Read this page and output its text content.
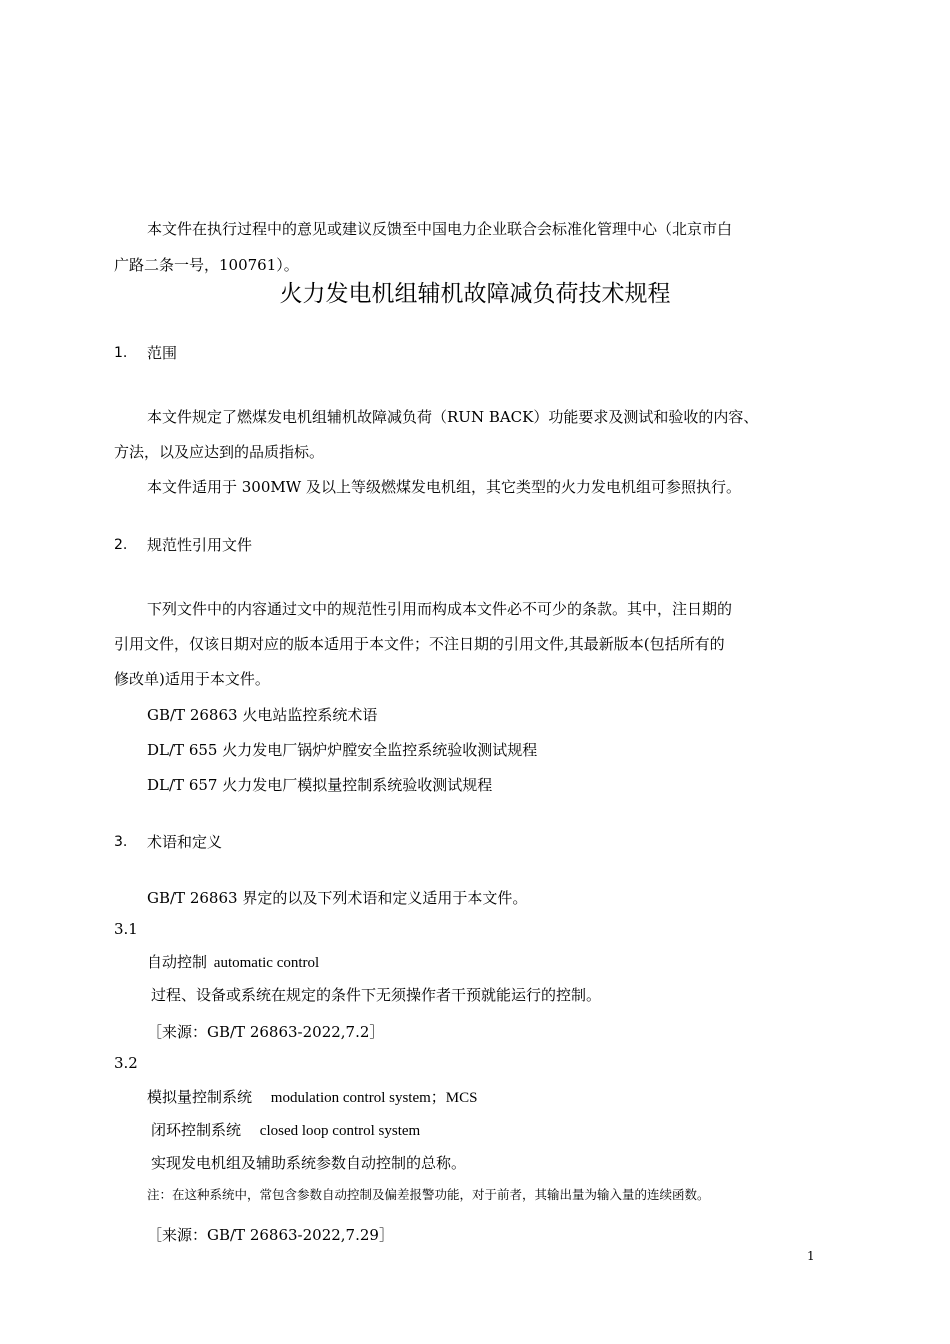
本文件在执行过程中的意见或建议反馈至中国电力企业联合会标准化管理中心（北京市白
广路二条一号，100761）。
火力发电机组辅机故障减负荷技术规程
1. 范围
本文件规定了燃煤发电机组辅机故障减负荷（RUN BACK）功能要求及测试和验收的内容、
方法，以及应达到的品质指标。
本文件适用于 300MW 及以上等级燃煤发电机组，其它类型的火力发电机组可参照执行。
2. 规范性引用文件
下列文件中的内容通过文中的规范性引用而构成本文件必不可少的条款。其中，注日期的
引用文件，仅该日期对应的版本适用于本文件；不注日期的引用文件,其最新版本(包括所有的
修改单)适用于本文件。
GB/T 26863 火电站监控系统术语
DL/T 655 火力发电厂锅炉炉膛安全监控系统验收测试规程
DL/T 657 火力发电厂模拟量控制系统验收测试规程
3. 术语和定义
GB/T 26863 界定的以及下列术语和定义适用于本文件。
3.1
自动控制 automatic control
过程、设备或系统在规定的条件下无须操作者干预就能运行的控制。
［来源：GB/T 26863-2022,7.2］
3.2
模拟量控制系统 modulation control system；MCS
闭环控制系统 closed loop control system
实现发电机组及辅助系统参数自动控制的总称。
注：在这种系统中，常包含参数自动控制及偏差报警功能，对于前者，其输出量为输入量的连续函数。
［来源：GB/T 26863-2022,7.29］
1
